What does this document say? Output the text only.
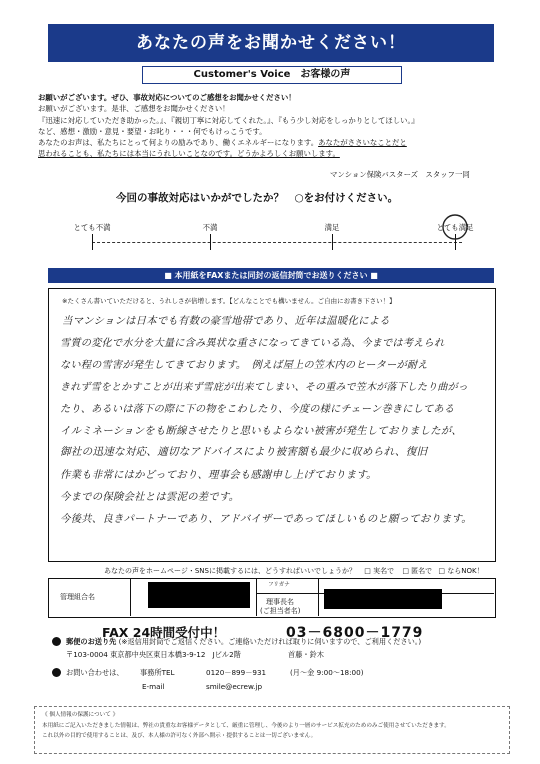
あなたの声をお聞かせください！
Customer's Voice　お客様の声
お願いがございます。ぜひ、事故対応についてのご感想をお聞かせください！
お願いがございます。是非、ご感想をお聞かせください！
『迅速に対応していただき助かった。』、『親切丁寧に対応してくれた。』、『もう少し対応をしっかりとしてほしい。』
など、感想・激励・意見・要望・お叱り・・・何でもけっこうです。
あなたのお声は、私たちにとって何よりの励みであり、働くエネルギーになります。あなたがささいなことだと
思われることも、私たちには本当にうれしいことなのです。どうかよろしくお願いします。
マンション保険バスターズ　スタッフ一同
今回の事故対応はいかがでしたか？　○をお付けください。
とても不満	不満	満足	とても満足
■ 本用紙をFAXまたは同封の返信封筒でお送りください ■
※たくさん書いていただけると、うれしさが倍増します。【どんなことでも構いません。ご自由にお書き下さい！】
当マンションは日本でも有数の豪雪地帯であり、近年は温暖化による
雪質の変化で水分を大量に含み異状な重さになってきている為、今までは考えられ
ない程の雪害が発生してきております。　例えば屋上の笠木内のヒーターが耐え
きれず雪をとかすことが出来ず雪庇が出来てしまい、その重みで笠木が落下したり曲がっ
たり、あるいは落下の際に下の物をこわしたり、今度の様にチェーン巻きにしてある
イルミネーションをも断線させたりと思いもよらない被害が発生しておりましたが、
御社の迅速な対応、適切なアドバイスにより被害額も最少に収められ、復旧
作業も非常にはかどっており、理事会も感謝申し上げております。
今までの保険会社とは雲泥の差です。
今後共、良きパートナーであり、アドバイザーであってほしいものと願っております。
あなたの声をホームページ・SNSに掲載するには、どうすればいいでしょうか？ □ 実名で □ 匿名で □ ならNOK！
管理組合名
フリガナ
理事長名
(ご担当者名)
FAX 24時間受付中！	03－6800－1779
郵便のお送り先 (※返信用封筒でご返信ください。ご連絡いただければ取りに伺いますので、ご利用ください。)
〒103-0004 東京都中央区東日本橋3-9-12　Jビル2階	首藤・鈴木
お問い合わせは、 事務所TEL	0120－899－931	(月～金 9:00～18:00)
E-mail	smile@ecrew.jp
《 個人情報の保護について 》
本用紙にご記入いただきました情報は、弊社の貴重なお客様データとして、厳重に管理し、今後のより一層のサービス拡充のためのみご使用させていただきます。
これ以外の目的で使用することは、及び、本人様の許可なく外部へ開示・提供することは一切ございません。
